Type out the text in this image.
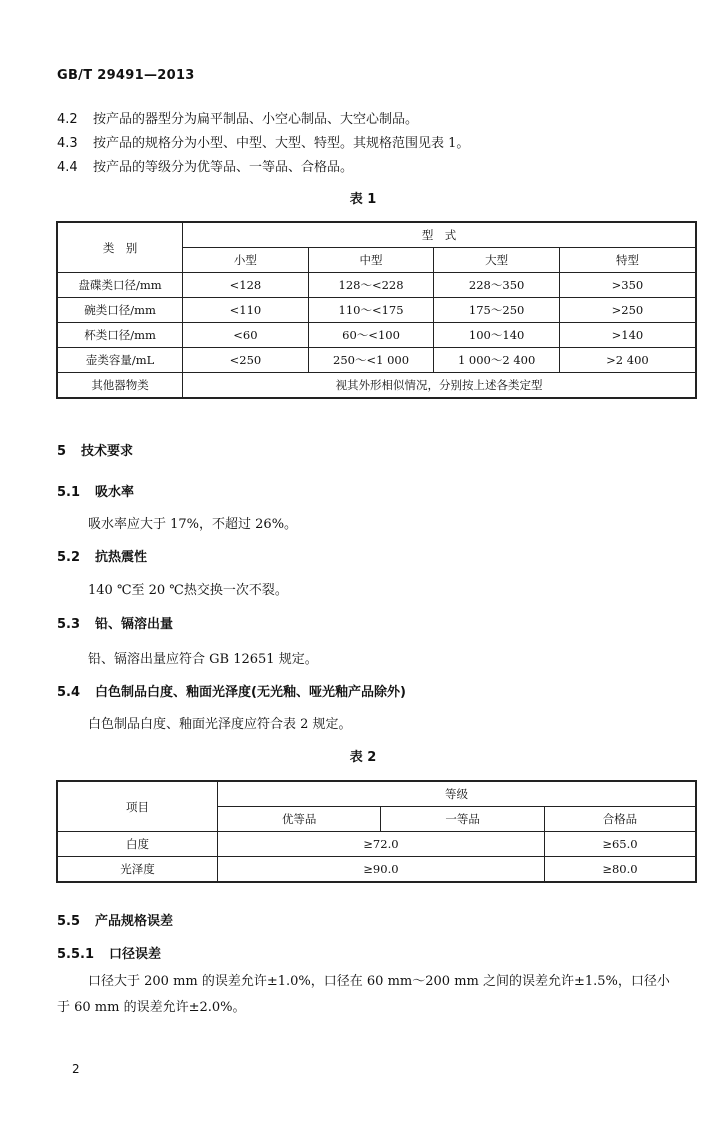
GB/T 29491—2013
4.2 按产品的器型分为扁平制品、小空心制品、大空心制品。
4.3 按产品的规格分为小型、中型、大型、特型。其规格范围见表 1。
4.4 按产品的等级分为优等品、一等品、合格品。
表 1
类　别	型　式			
	小型	中型	大型	特型
盘碟类口径/mm	<128	128～<228	228～350	>350
碗类口径/mm	<110	110～<175	175～250	>250
杯类口径/mm	<60	60～<100	100～140	>140
壶类容量/mL	<250	250～<1 000	1 000～2 400	>2 400
其他器物类	视其外形相似情况，分别按上述各类定型			
5 技术要求
5.1 吸水率
吸水率应大于 17%，不超过 26%。
5.2 抗热震性
140 ℃至 20 ℃热交换一次不裂。
5.3 铅、镉溶出量
铅、镉溶出量应符合 GB 12651 规定。
5.4 白色制品白度、釉面光泽度(无光釉、哑光釉产品除外)
白色制品白度、釉面光泽度应符合表 2 规定。
表 2
项目	等级		
	优等品	一等品	合格品
白度	≥72.0		≥65.0
光泽度	≥90.0		≥80.0
5.5 产品规格误差
5.5.1 口径误差
口径大于 200 mm 的误差允许±1.0%，口径在 60 mm～200 mm 之间的误差允许±1.5%，口径小
于 60 mm 的误差允许±2.0%。
2
